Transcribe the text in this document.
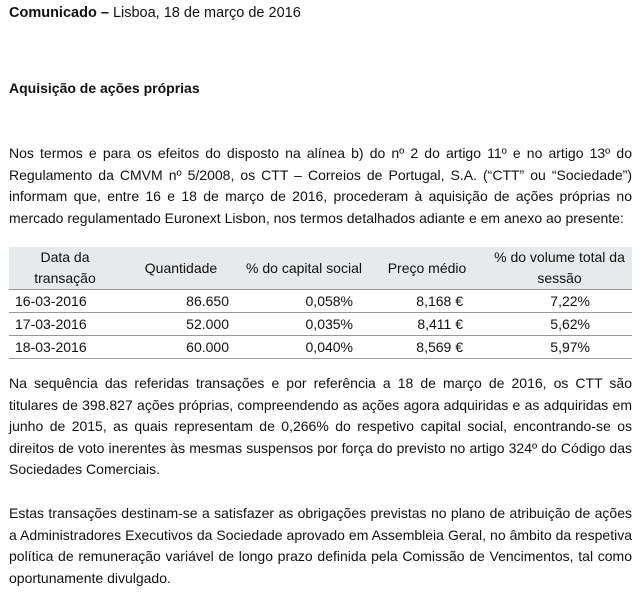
Comunicado – Lisboa, 18 de março de 2016
Aquisição de ações próprias

Nos termos e para os efeitos do disposto na alínea b) do nº 2 do artigo 11º e no artigo 13º do Regulamento da CMVM nº 5/2008, os CTT – Correios de Portugal, S.A. (“CTT” ou “Sociedade”) informam que, entre 16 e 18 de março de 2016, procederam à aquisição de ações próprias no mercado regulamentado Euronext Lisbon, nos termos detalhados adiante e em anexo ao presente:

Data da transação	Quantidade	% do capital social	Preço médio	% do volume total da sessão
16-03-2016	86.650	0,058%	8,168 €	7,22%
17-03-2016	52.000	0,035%	8,411 €	5,62%
18-03-2016	60.000	0,040%	8,569 €	5,97%

Na sequência das referidas transações e por referência a 18 de março de 2016, os CTT são titulares de 398.827 ações próprias, compreendendo as ações agora adquiridas e as adquiridas em junho de 2015, as quais representam de 0,266% do respetivo capital social, encontrando-se os direitos de voto inerentes às mesmas suspensos por força do previsto no artigo 324º do Código das Sociedades Comerciais.

Estas transações destinam-se a satisfazer as obrigações previstas no plano de atribuição de ações a Administradores Executivos da Sociedade aprovado em Assembleia Geral, no âmbito da respetiva política de remuneração variável de longo prazo definida pela Comissão de Vencimentos, tal como oportunamente divulgado.
